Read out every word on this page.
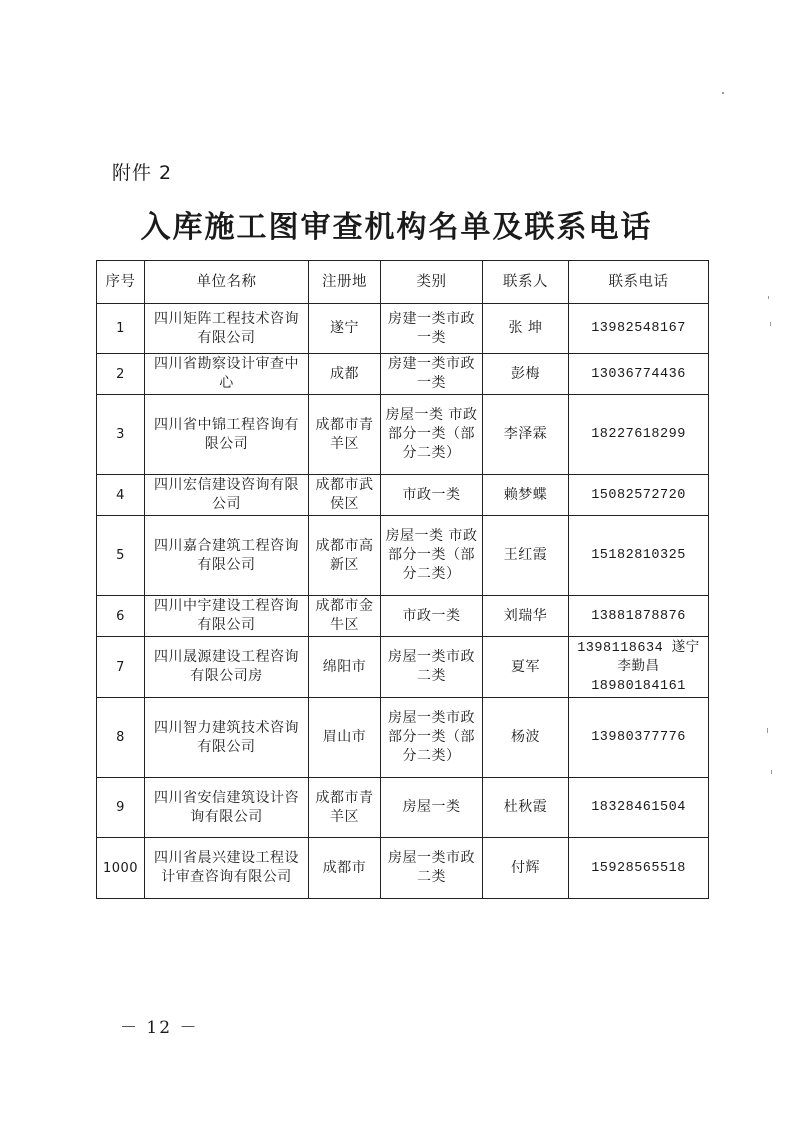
附件 2
入库施工图审查机构名单及联系电话
序号	单位名称	注册地	类别	联系人	联系电话
1	四川矩阵工程技术咨询有限公司	遂宁	房建一类市政一类	张 坤	13982548167
2	四川省勘察设计审查中心	成都	房建一类市政一类	彭梅	13036774436
3	四川省中锦工程咨询有限公司	成都市青羊区	房屋一类 市政部分一类（部分二类）	李泽霖	18227618299
4	四川宏信建设咨询有限公司	成都市武侯区	市政一类	赖梦蝶	15082572720
5	四川嘉合建筑工程咨询有限公司	成都市高新区	房屋一类 市政部分一类（部分二类）	王红霞	15182810325
6	四川中宇建设工程咨询有限公司	成都市金牛区	市政一类	刘瑞华	13881878876
7	四川晟源建设工程咨询有限公司房	绵阳市	房屋一类市政二类	夏军	1398118634 遂宁李勤昌 18980184161
8	四川智力建筑技术咨询有限公司	眉山市	房屋一类市政部分一类（部分二类）	杨波	13980377776
9	四川省安信建筑设计咨询有限公司	成都市青羊区	房屋一类	杜秋霞	18328461504
1000	四川省晨兴建设工程设计审查咨询有限公司	成都市	房屋一类市政二类	付辉	15928565518
－ 12 －
